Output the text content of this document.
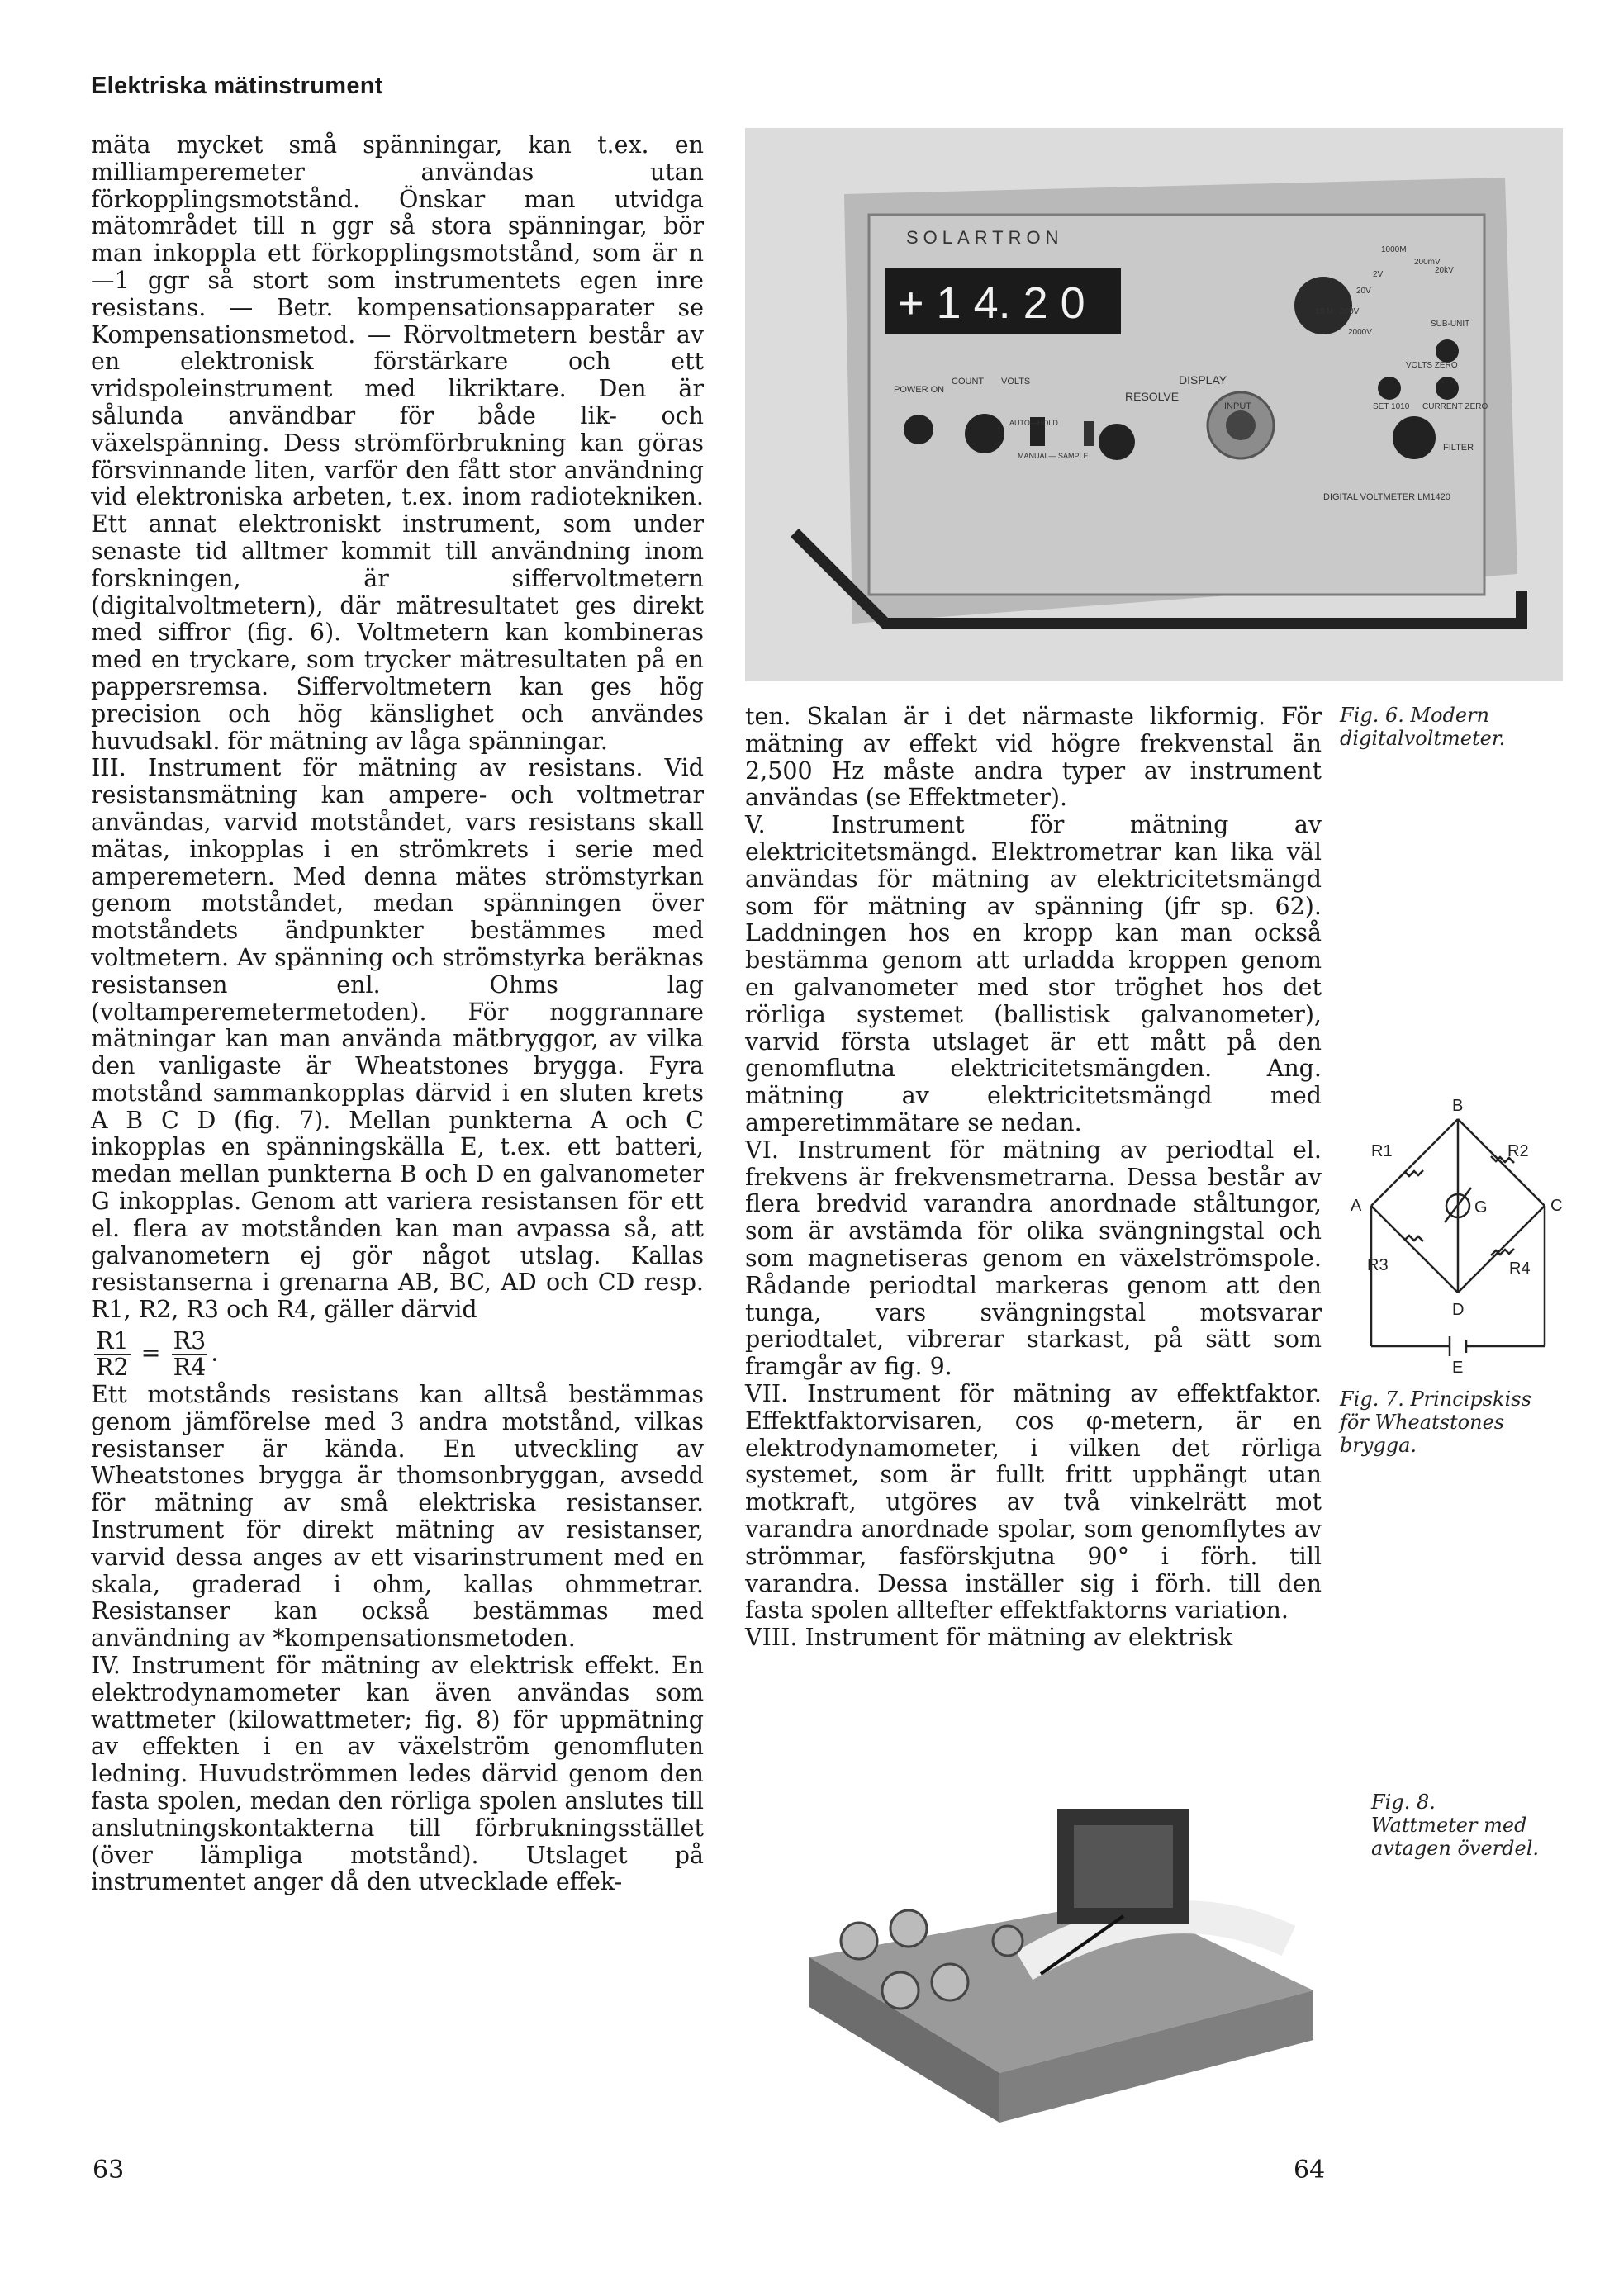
Elektriska mätinstrument

mäta mycket små spänningar, kan t.ex. en milliamperemeter användas utan förkopplingsmotstånd. Önskar man utvidga mätområdet till n ggr så stora spänningar, bör man inkoppla ett förkopplingsmotstånd, som är n—1 ggr så stort som instrumentets egen inre resistans. — Betr. kompensationsapparater se Kompensationsmetod. — Rörvoltmetern består av en elektronisk förstärkare och ett vridspoleinstrument med likriktare. Den är sålunda användbar för både lik- och växelspänning. Dess strömförbrukning kan göras försvinnande liten, varför den fått stor användning vid elektroniska arbeten, t.ex. inom radiotekniken. Ett annat elektroniskt instrument, som under senaste tid alltmer kommit till användning inom forskningen, är siffervoltmetern (digitalvoltmetern), där mätresultatet ges direkt med siffror (fig. 6). Voltmetern kan kombineras med en tryckare, som trycker mätresultaten på en pappersremsa. Siffervoltmetern kan ges hög precision och hög känslighet och användes huvudsakl. för mätning av låga spänningar.

III. Instrument för mätning av resistans. Vid resistansmätning kan ampere- och voltmetrar användas, varvid motståndet, vars resistans skall mätas, inkopplas i en strömkrets i serie med amperemetern. Med denna mätes strömstyrkan genom motståndet, medan spänningen över motståndets ändpunkter bestämmes med voltmetern. Av spänning och strömstyrka beräknas resistansen enl. Ohms lag (voltamperemetermetoden). För noggrannare mätningar kan man använda mätbryggor, av vilka den vanligaste är Wheatstones brygga. Fyra motstånd sammankopplas därvid i en sluten krets A B C D (fig. 7). Mellan punkterna A och C inkopplas en spänningskälla E, t.ex. ett batteri, medan mellan punkterna B och D en galvanometer G inkopplas. Genom att variera resistansen för ett el. flera av motstånden kan man avpassa så, att galvanometern ej gör något utslag. Kallas resistanserna i grenarna AB, BC, AD och CD resp. R1, R2, R3 och R4, gäller därvid

$\frac{R1}{R2} = \frac{R3}{R4}$ .

Ett motstånds resistans kan alltså bestämmas genom jämförelse med 3 andra motstånd, vilkas resistanser är kända. En utveckling av Wheatstones brygga är thomsonbryggan, avsedd för mätning av små elektriska resistanser. Instrument för direkt mätning av resistanser, varvid dessa anges av ett visarinstrument med en skala, graderad i ohm, kallas ohmmetrar. Resistanser kan också bestämmas med användning av *kompensationsmetoden.

IV. Instrument för mätning av elektrisk effekt. En elektrodynamometer kan även användas som wattmeter (kilowattmeter; fig. 8) för uppmätning av effekten i en av växelström genomfluten ledning. Huvudströmmen ledes därvid genom den fasta spolen, medan den rörliga spolen anslutes till anslutningskontakterna till förbrukningsstället (över lämpliga motstånd). Utslaget på instrumentet anger då den utvecklade effek-

SOLARTRON
+ 1 4. 2 0
POWER ON
COUNT VOLTS
RESOLVE
DISPLAY
INPUT
FILTER
DIGITAL VOLTMETER LM1420
AUTO—HOLD
MANUAL— SAMPLE
SET 1010 CURRENT ZERO
VOLTS ZERO
1000M
200mV
2V
20V
200V
2000V
10 M
SUB-UNIT
20kV
Fig. 6. Modern digitalvoltmeter.

ten. Skalan är i det närmaste likformig. För mätning av effekt vid högre frekvenstal än 2,500 Hz måste andra typer av instrument användas (se Effektmeter).

V. Instrument för mätning av elektricitetsmängd. Elektrometrar kan lika väl användas för mätning av elektricitetsmängd som för mätning av spänning (jfr sp. 62). Laddningen hos en kropp kan man också bestämma genom att urladda kroppen genom en galvanometer med stor tröghet hos det rörliga systemet (ballistisk galvanometer), varvid första utslaget är ett mått på den genomflutna elektricitetsmängden. Ang. mätning av elektricitetsmängd med amperetimmätare se nedan.

VI. Instrument för mätning av periodtal el. frekvens är frekvensmetrarna. Dessa består av flera bredvid varandra anordnade ståltungor, som är avstämda för olika svängningstal och som magnetiseras genom en växelströmspole. Rådande periodtal markeras genom att den tunga, vars svängningstal motsvarar periodtalet, vibrerar starkast, på sätt som framgår av fig. 9.

VII. Instrument för mätning av effektfaktor. Effektfaktorvisaren, cos φ-metern, är en elektrodynamometer, i vilken det rörliga systemet, som är fullt fritt upphängt utan motkraft, utgöres av två vinkelrätt mot varandra anordnade spolar, som genomflytes av strömmar, fasförskjutna 90° i förh. till varandra. Dessa inställer sig i förh. till den fasta spolen alltefter effektfaktorns variation.

VIII. Instrument för mätning av elektrisk

B
A	C
D
E
G
R1	R2
R3	R4
Fig. 7. Principskiss för Wheatstones brygga.
Fig. 8. Wattmeter med avtagen överdel.
63	64
